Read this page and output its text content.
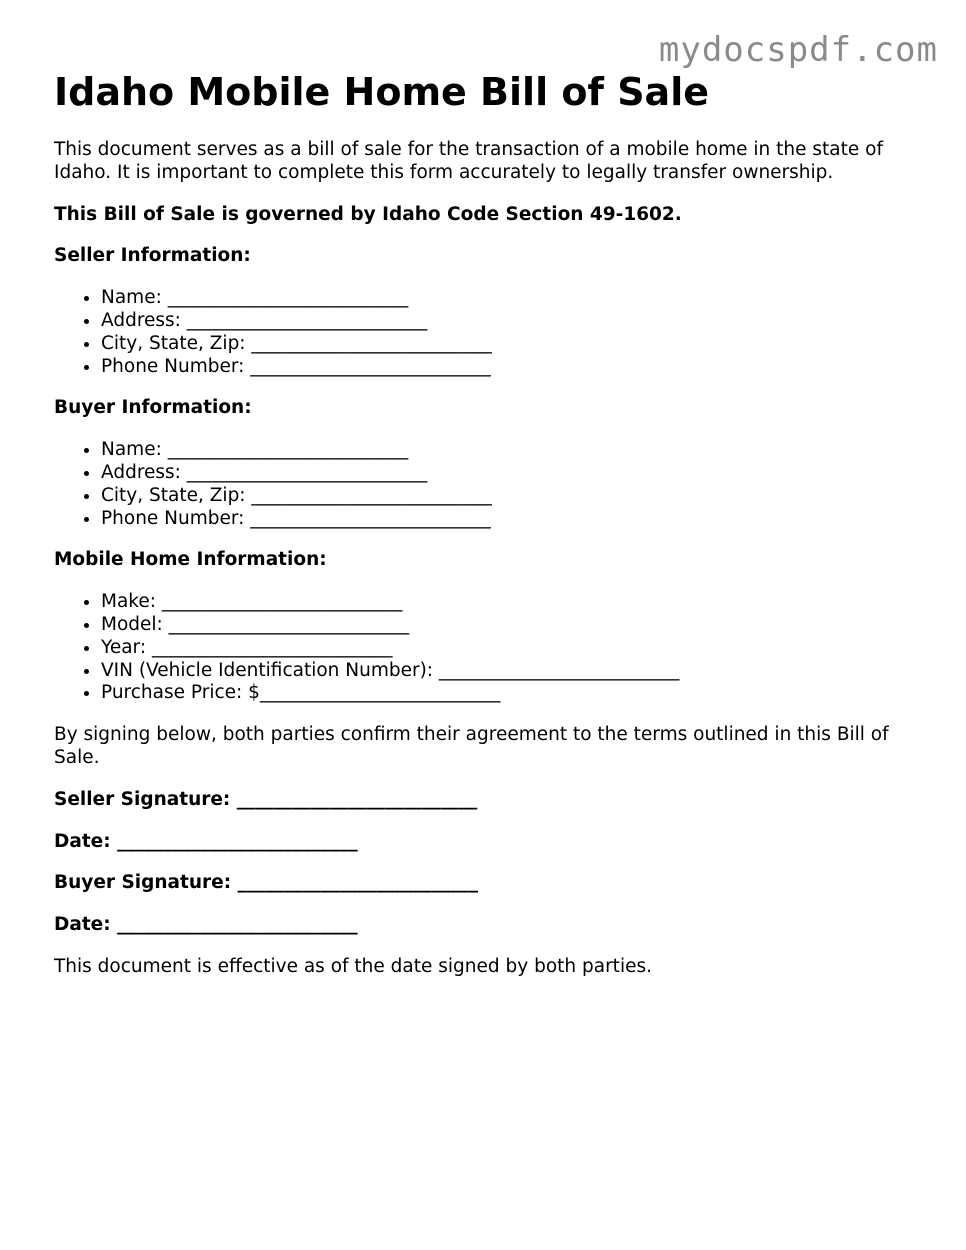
mydocspdf.com
Idaho Mobile Home Bill of Sale

This document serves as a bill of sale for the transaction of a mobile home in the state of Idaho. It is important to complete this form accurately to legally transfer ownership.

This Bill of Sale is governed by Idaho Code Section 49-1602.

Seller Information:

• Name: __________________________
• Address: __________________________
• City, State, Zip: __________________________
• Phone Number: __________________________

Buyer Information:

• Name: __________________________
• Address: __________________________
• City, State, Zip: __________________________
• Phone Number: __________________________

Mobile Home Information:

• Make: __________________________
• Model: __________________________
• Year: __________________________
• VIN (Vehicle Identification Number): __________________________
• Purchase Price: $__________________________

By signing below, both parties confirm their agreement to the terms outlined in this Bill of Sale.

Seller Signature: __________________________

Date: __________________________

Buyer Signature: __________________________

Date: __________________________

This document is effective as of the date signed by both parties.
